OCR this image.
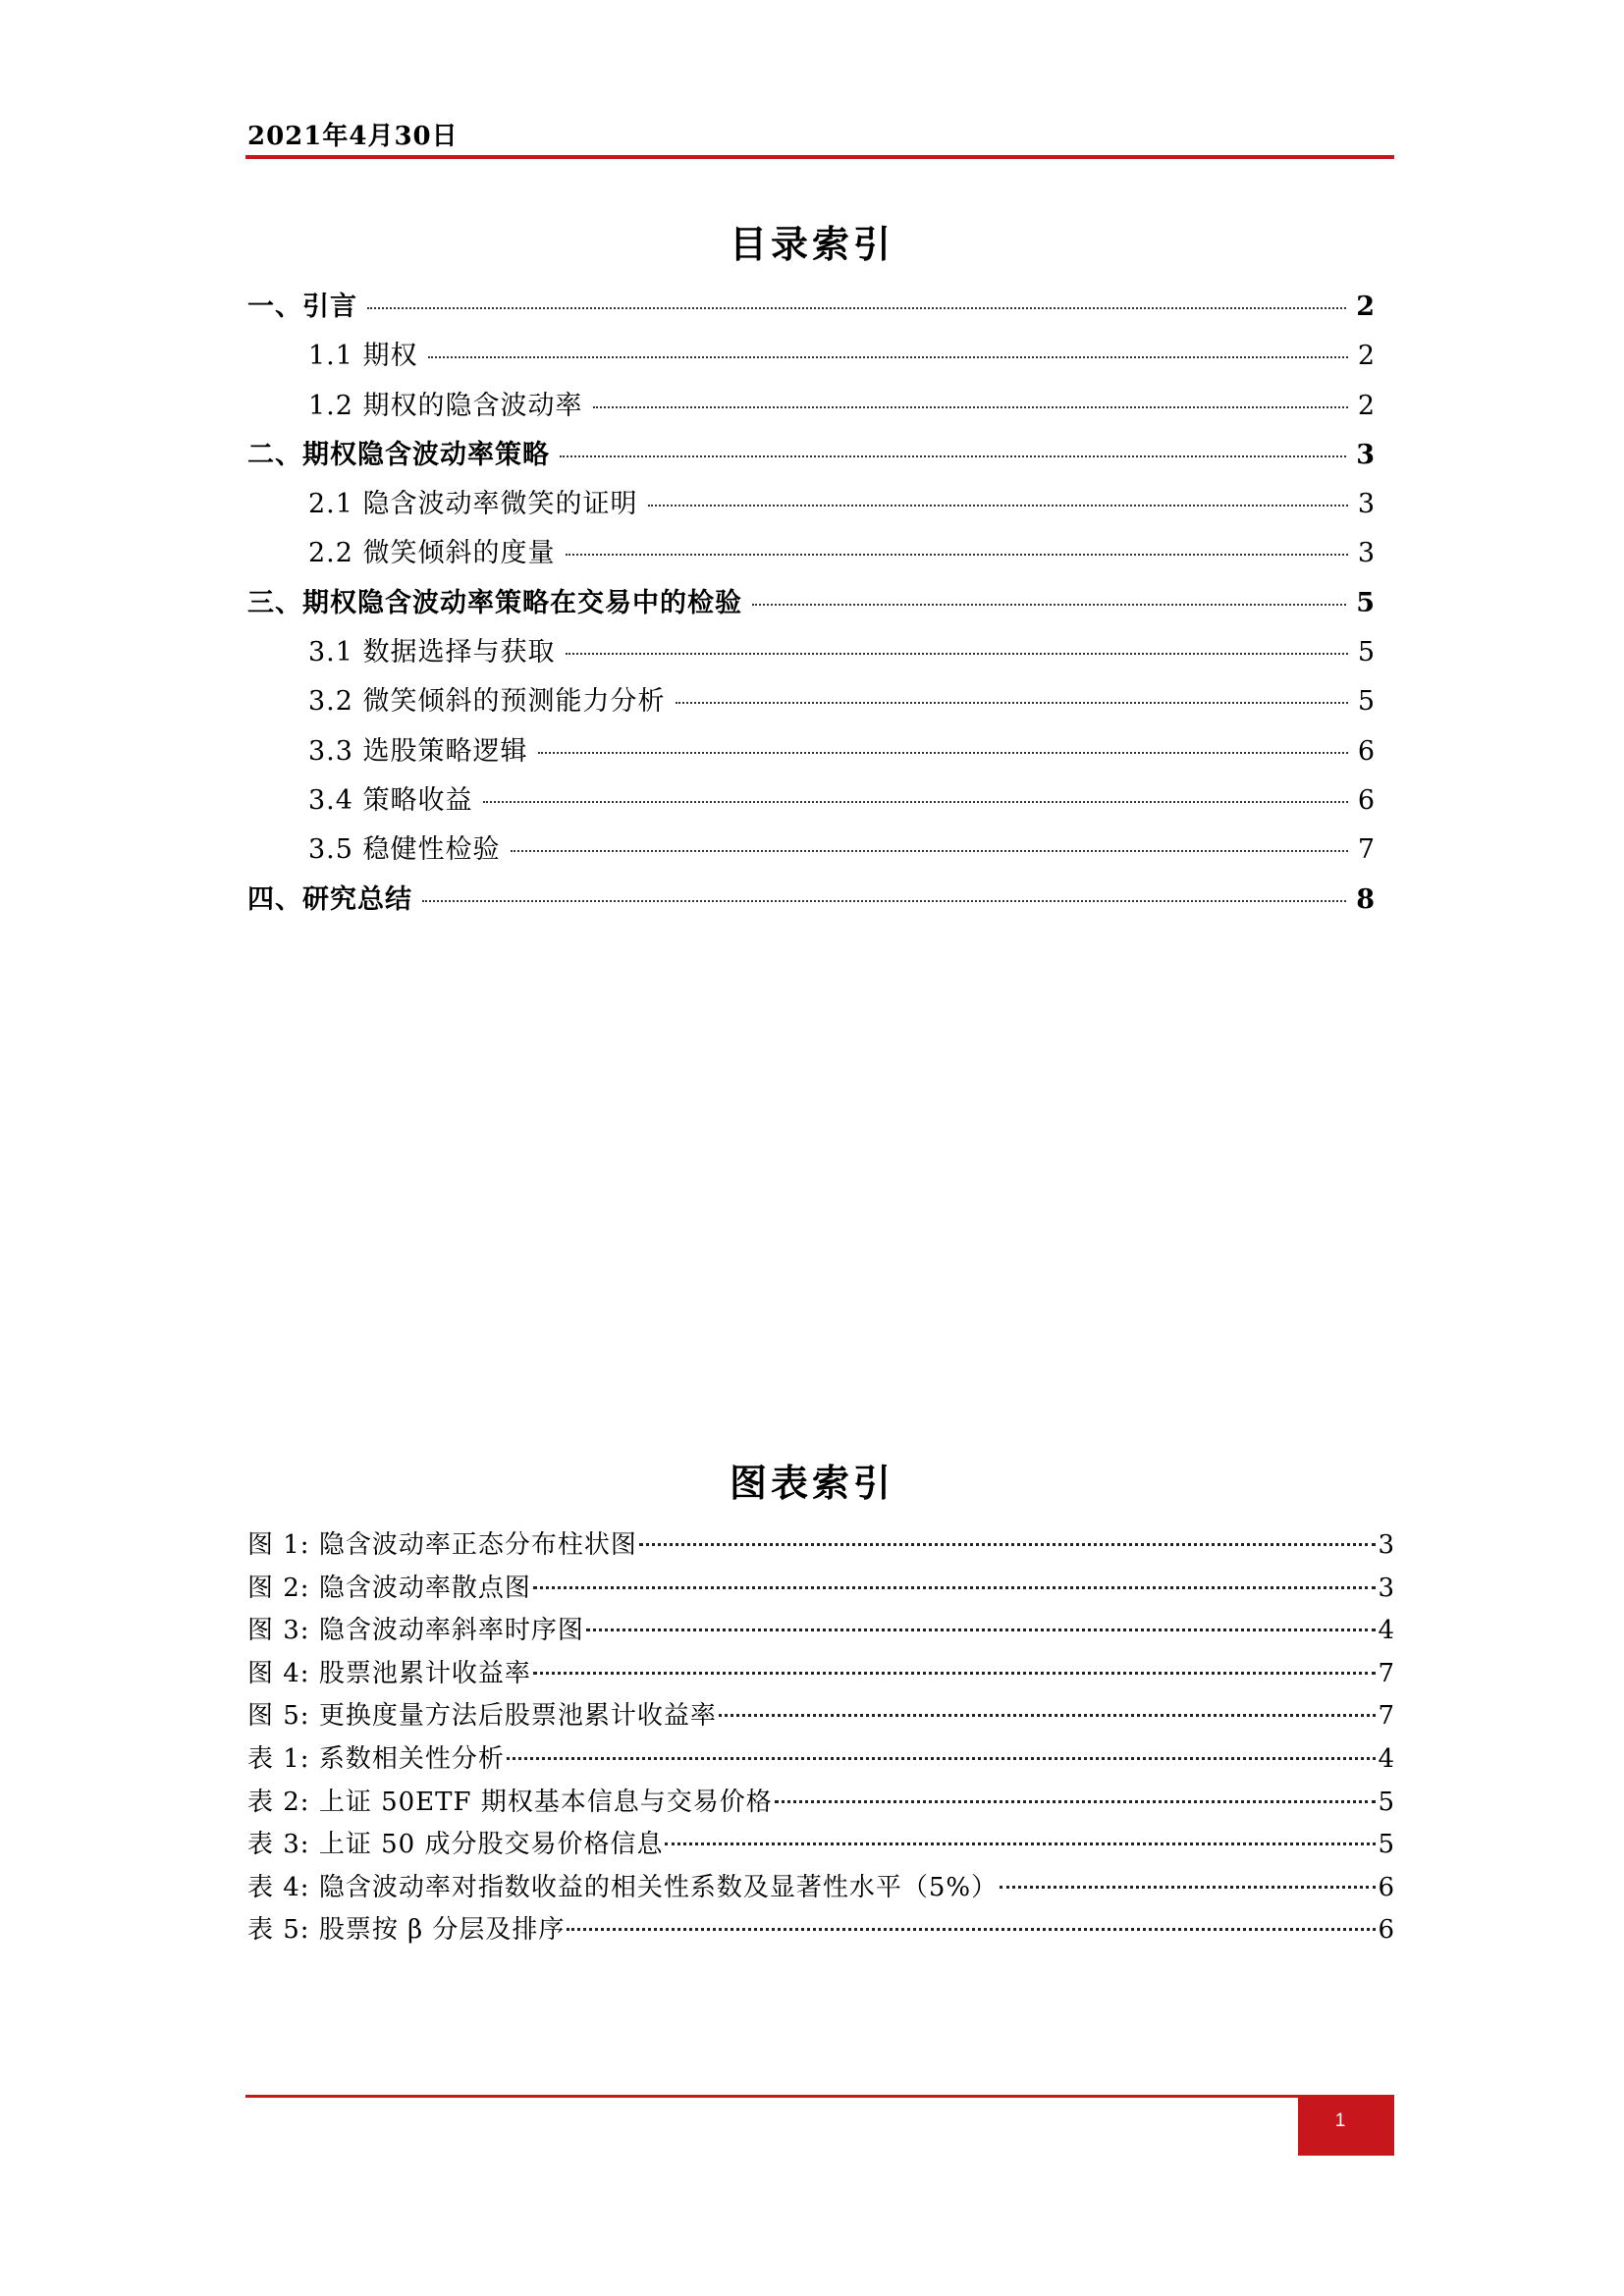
2021年4月30日
目录索引
一、引言	2
1.1 期权	2
1.2 期权的隐含波动率	2
二、期权隐含波动率策略	3
2.1 隐含波动率微笑的证明	3
2.2 微笑倾斜的度量	3
三、期权隐含波动率策略在交易中的检验	5
3.1 数据选择与获取	5
3.2 微笑倾斜的预测能力分析	5
3.3 选股策略逻辑	6
3.4 策略收益	6
3.5 稳健性检验	7
四、研究总结	8
图表索引
图 1: 隐含波动率正态分布柱状图	3
图 2: 隐含波动率散点图	3
图 3: 隐含波动率斜率时序图	4
图 4: 股票池累计收益率	7
图 5: 更换度量方法后股票池累计收益率	7
表 1: 系数相关性分析	4
表 2: 上证 50ETF 期权基本信息与交易价格	5
表 3: 上证 50 成分股交易价格信息	5
表 4: 隐含波动率对指数收益的相关性系数及显著性水平（5%）	6
表 5: 股票按 β 分层及排序	6
1
